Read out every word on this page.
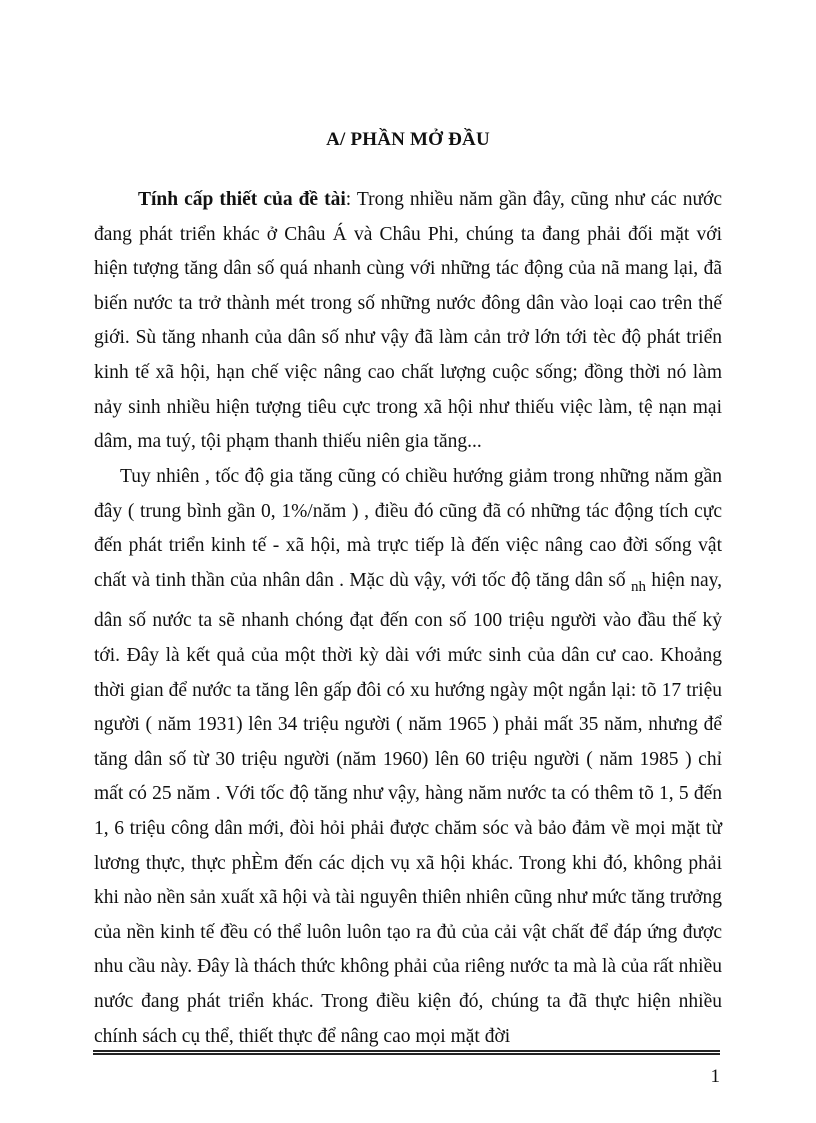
A/ PHẦN MỞ ĐẦU

Tính cấp thiết của đề tài: Trong nhiều năm gần đây, cũng như các nước đang phát triển khác ở Châu Á và Châu Phi, chúng ta đang phải đối mặt với hiện tượng tăng dân số quá nhanh cùng với những tác động của nã mang lại, đã biến nước ta trở thành mét trong số những nước đông dân vào loại cao trên thế giới. Sù tăng nhanh của dân số như vậy đã làm cản trở lớn tới tèc độ phát triển kinh tế xã hội, hạn chế việc nâng cao chất lượng cuộc sống; đồng thời nó làm nảy sinh nhiều hiện tượng tiêu cực trong xã hội như thiếu việc làm, tệ nạn mại dâm, ma tuý, tội phạm thanh thiếu niên gia tăng...

Tuy nhiên , tốc độ gia tăng cũng có chiều hướng giảm trong những năm gần đây ( trung bình gần 0, 1%/năm ) , điều đó cũng đã có những tác động tích cực đến phát triển kinh tế - xã hội, mà trực tiếp là đến việc nâng cao đời sống vật chất và tinh thần của nhân dân . Mặc dù vậy, với tốc độ tăng dân số $_{nh}$ hiện nay, dân số nước ta sẽ nhanh chóng đạt đến con số 100 triệu người vào đầu thế kỷ tới. Đây là kết quả của một thời kỳ dài với mức sinh của dân cư cao. Khoảng thời gian để nước ta tăng lên gấp đôi có xu hướng ngày một ngắn lại: tõ 17 triệu người ( năm 1931) lên 34 triệu người ( năm 1965 ) phải mất 35 năm, nhưng để tăng dân số từ 30 triệu người (năm 1960) lên 60 triệu người ( năm 1985 ) chỉ mất có 25 năm . Với tốc độ tăng như vậy, hàng năm nước ta có thêm tõ 1, 5 đến 1, 6 triệu công dân mới, đòi hỏi phải được chăm sóc và bảo đảm về mọi mặt từ lương thực, thực phÈm đến các dịch vụ xã hội khác. Trong khi đó, không phải khi nào nền sản xuất xã hội và tài nguyên thiên nhiên cũng như mức tăng trưởng của nền kinh tế đều có thể luôn luôn tạo ra đủ của cải vật chất để đáp ứng được nhu cầu này. Đây là thách thức không phải của riêng nước ta mà là của rất nhiều nước đang phát triển khác. Trong điều kiện đó, chúng ta đã thực hiện nhiều chính sách cụ thể, thiết thực để nâng cao mọi mặt đời

1
